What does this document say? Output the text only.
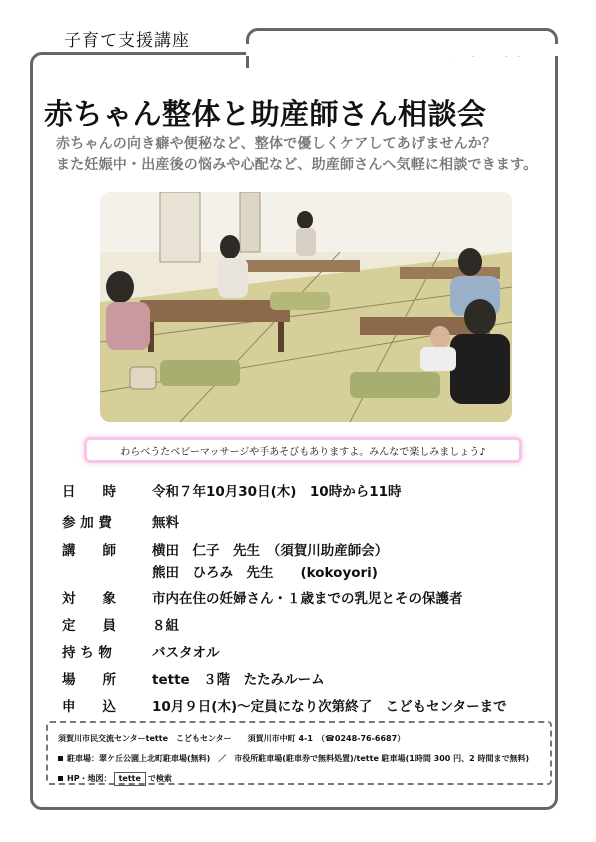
子育て支援講座
赤ちゃん整体と助産師さん相談会
赤ちゃんの向き癖や便秘など、整体で優しくケアしてあげませんか？
また妊娠中・出産後の悩みや心配など、助産師さんへ気軽に相談できます。
わらべうたベビーマッサージや手あそびもありますよ。みんなで楽しみましょう♪
日　　時	令和７年10月30日(木)　10時から11時
参 加 費	無料
講　　師	横田　仁子　先生　（須賀川助産師会）
熊田　ひろみ　先生　　(kokoyori)
対　　象	市内在住の妊婦さん・１歳までの乳児とその保護者
定　　員	８組
持 ち 物	バスタオル
場　　所	tette　３階　たたみルーム
申　　込	10月９日(木)～定員になり次第終了　こどもセンターまで
須賀川市民交流センターtette　こどもセンター　　須賀川市中町 4-1　（☎0248-76-6687）
駐車場：翠ケ丘公園上北町駐車場(無料)　／　市役所駐車場(駐車券で無料処置)/tette 駐車場(1時間 300 円、2 時間まで無料)
HP・地図： tette で検索
